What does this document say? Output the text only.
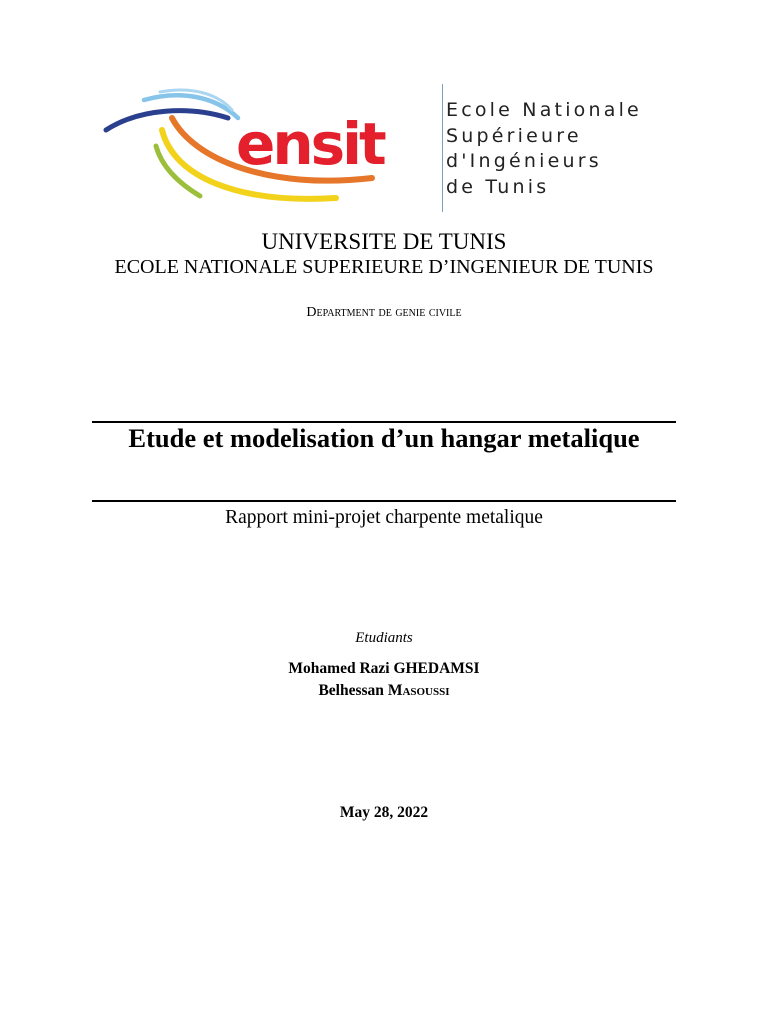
ensit	Ecole Nationale
Supérieure
d'Ingénieurs
de Tunis
UNIVERSITE DE TUNIS
ECOLE NATIONALE SUPERIEURE D’INGENIEUR DE TUNIS
Department de genie civile
Etude et modelisation d’un hangar metalique
Rapport mini-projet charpente metalique
Etudiants
Mohamed Razi GHEDAMSI
Belhessan Masoussi
May 28, 2022
